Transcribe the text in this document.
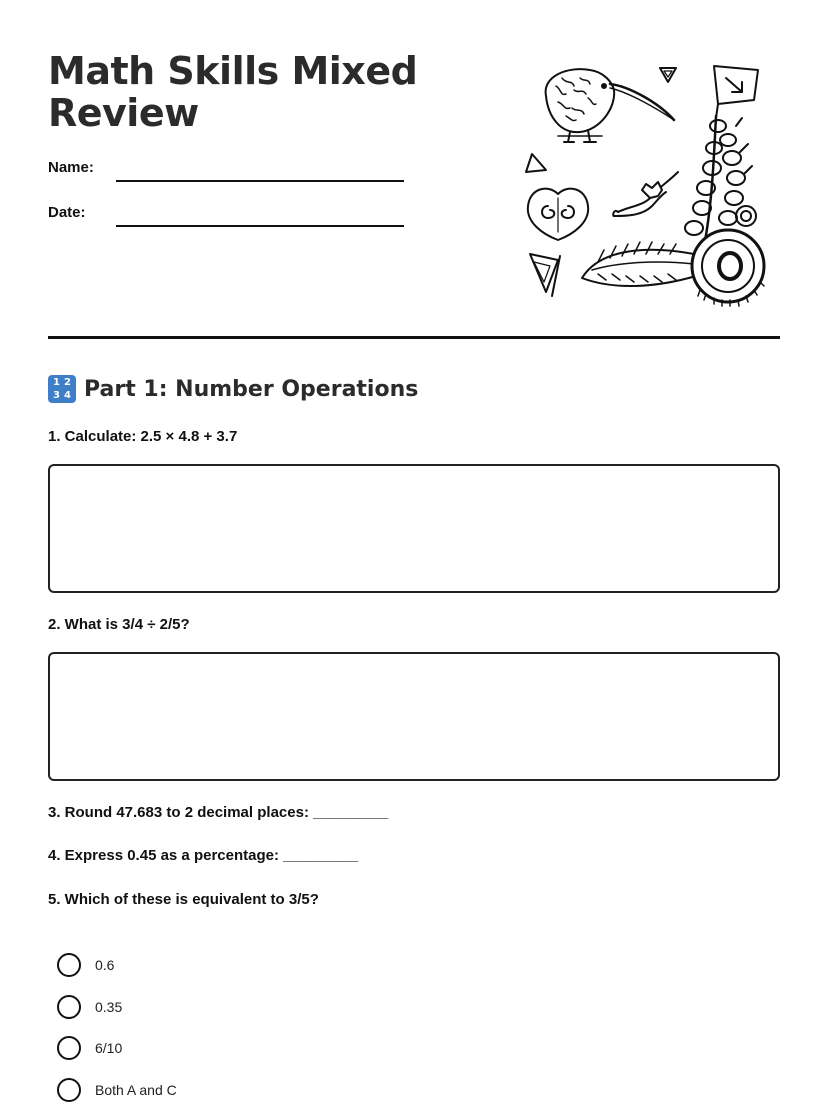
Math Skills Mixed Review
Name:
Date:
1 2
3 4 Part 1: Number Operations

1. Calculate: 2.5 × 4.8 + 3.7

2. What is 3/4 ÷ 2/5?

3. Round 47.683 to 2 decimal places: _________

4. Express 0.45 as a percentage: _________

5. Which of these is equivalent to 3/5?

0.6
0.35
6/10
Both A and C
